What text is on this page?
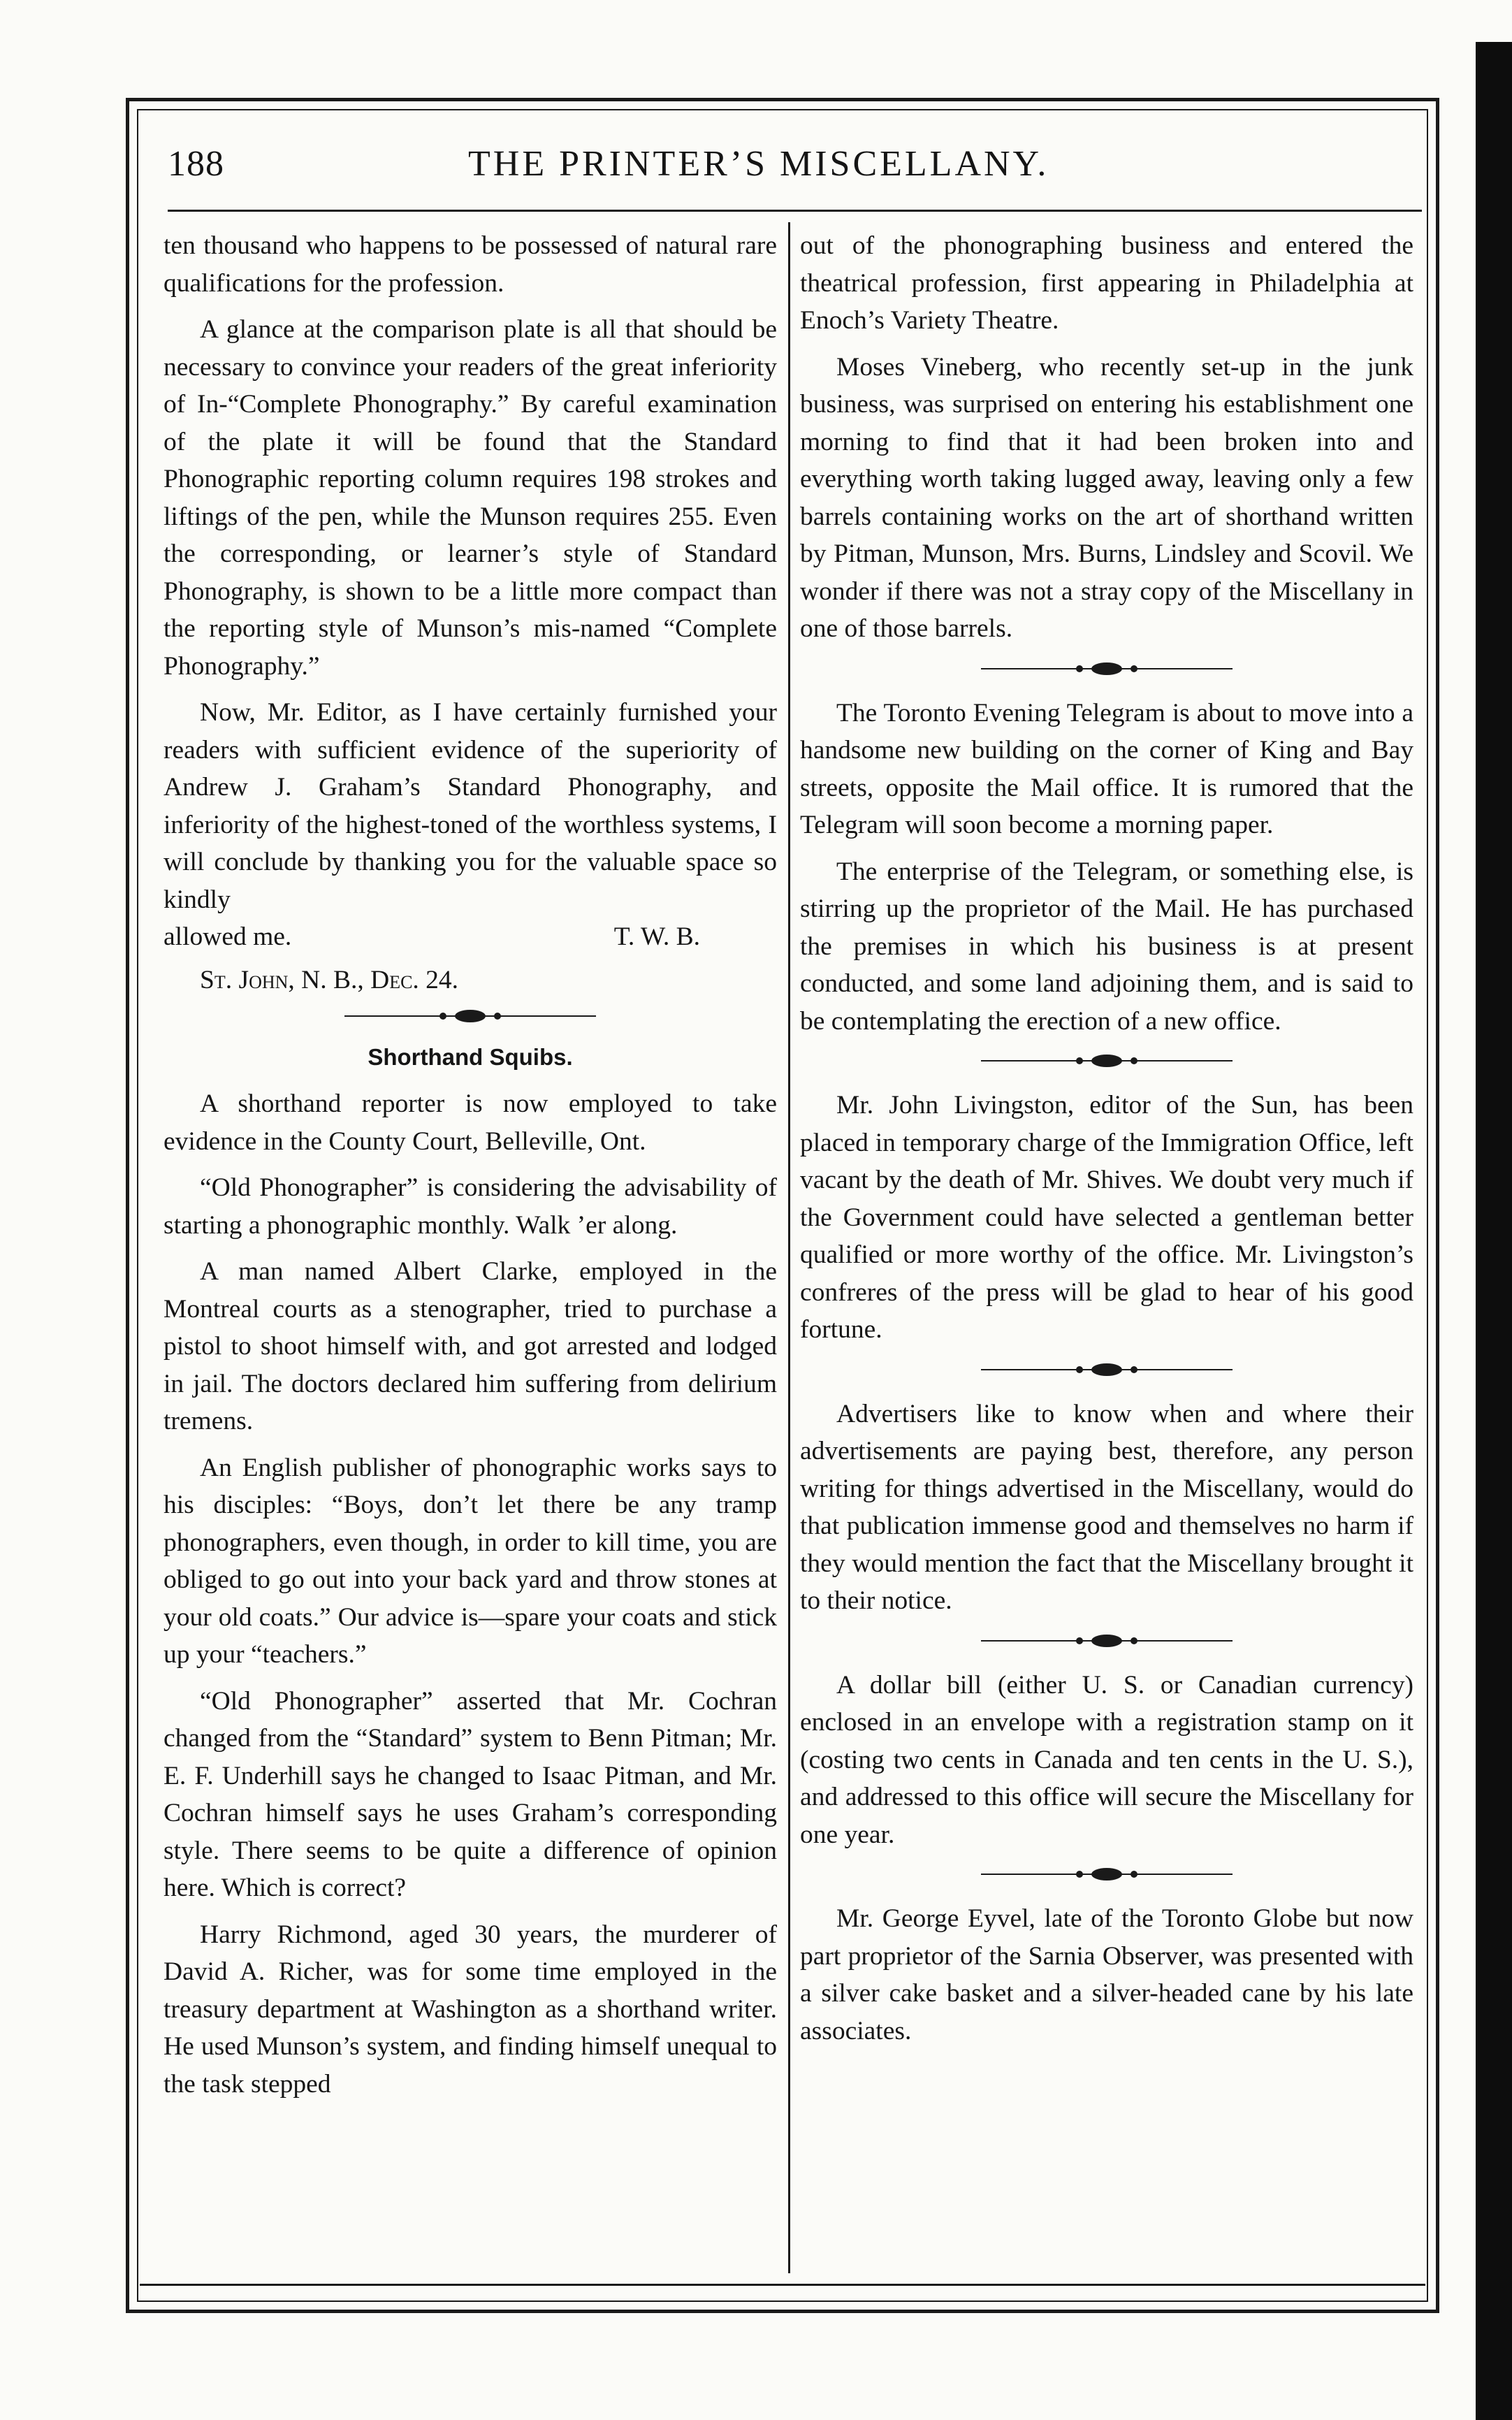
188	THE PRINTER’S MISCELLANY.

ten thousand who happens to be possessed of natural rare qualifications for the profession.

A glance at the comparison plate is all that should be necessary to convince your readers of the great inferiority of In-“Complete Phonography.” By careful examination of the plate it will be found that the Standard Phonographic reporting column requires 198 strokes and liftings of the pen, while the Munson requires 255. Even the corresponding, or learner’s style of Standard Phonography, is shown to be a little more compact than the reporting style of Munson’s mis-named “Complete Phonography.”

Now, Mr. Editor, as I have certainly furnished your readers with sufficient evidence of the superiority of Andrew J. Graham’s Standard Phonography, and inferiority of the highest-toned of the worthless systems, I will conclude by thanking you for the valuable space so kindly

allowed me.	T. W. B.
St. John, N. B., Dec. 24.
Shorthand Squibs.

A shorthand reporter is now employed to take evidence in the County Court, Belleville, Ont.

“Old Phonographer” is considering the advisability of starting a phonographic monthly. Walk ’er along.

A man named Albert Clarke, employed in the Montreal courts as a stenographer, tried to purchase a pistol to shoot himself with, and got arrested and lodged in jail. The doctors declared him suffering from delirium tremens.

An English publisher of phonographic works says to his disciples: “Boys, don’t let there be any tramp phonographers, even though, in order to kill time, you are obliged to go out into your back yard and throw stones at your old coats.” Our advice is—spare your coats and stick up your “teachers.”

“Old Phonographer” asserted that Mr. Cochran changed from the “Standard” system to Benn Pitman; Mr. E. F. Underhill says he changed to Isaac Pitman, and Mr. Cochran himself says he uses Graham’s corresponding style. There seems to be quite a difference of opinion here. Which is correct?

Harry Richmond, aged 30 years, the murderer of David A. Richer, was for some time employed in the treasury department at Washington as a shorthand writer. He used Munson’s system, and finding himself unequal to the task stepped

out of the phonographing business and entered the theatrical profession, first appearing in Philadelphia at Enoch’s Variety Theatre.

Moses Vineberg, who recently set-up in the junk business, was surprised on entering his establishment one morning to find that it had been broken into and everything worth taking lugged away, leaving only a few barrels containing works on the art of shorthand written by Pitman, Munson, Mrs. Burns, Lindsley and Scovil. We wonder if there was not a stray copy of the Miscellany in one of those barrels.

The Toronto Evening Telegram is about to move into a handsome new building on the corner of King and Bay streets, opposite the Mail office. It is rumored that the Telegram will soon become a morning paper.

The enterprise of the Telegram, or something else, is stirring up the proprietor of the Mail. He has purchased the premises in which his business is at present conducted, and some land adjoining them, and is said to be contemplating the erection of a new office.

Mr. John Livingston, editor of the Sun, has been placed in temporary charge of the Immigration Office, left vacant by the death of Mr. Shives. We doubt very much if the Government could have selected a gentleman better qualified or more worthy of the office. Mr. Livingston’s confreres of the press will be glad to hear of his good fortune.

Advertisers like to know when and where their advertisements are paying best, therefore, any person writing for things advertised in the Miscellany, would do that publication immense good and themselves no harm if they would mention the fact that the Miscellany brought it to their notice.

A dollar bill (either U. S. or Canadian currency) enclosed in an envelope with a registration stamp on it (costing two cents in Canada and ten cents in the U. S.), and addressed to this office will secure the Miscellany for one year.

Mr. George Eyvel, late of the Toronto Globe but now part proprietor of the Sarnia Observer, was presented with a silver cake basket and a silver-headed cane by his late associates.
